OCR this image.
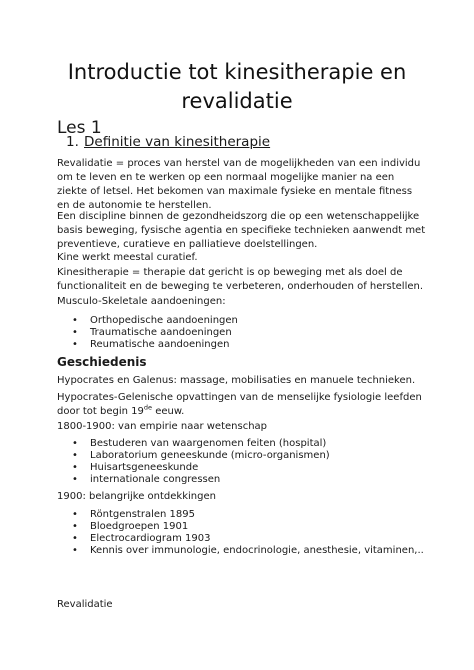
Introductie tot kinesitherapie en revalidatie
Les 1
1. Definitie van kinesitherapie

Revalidatie = proces van herstel van de mogelijkheden van een individu om te leven en te werken op een normaal mogelijke manier na een ziekte of letsel. Het bekomen van maximale fysieke en mentale fitness en de autonomie te herstellen.

Een discipline binnen de gezondheidszorg die op een wetenschappelijke basis beweging, fysische agentia en specifieke technieken aanwendt met preventieve, curatieve en palliatieve doelstellingen.

Kine werkt meestal curatief.

Kinesitherapie = therapie dat gericht is op beweging met als doel de functionaliteit en de beweging te verbeteren, onderhouden of herstellen.

Musculo-Skeletale aandoeningen:

• Orthopedische aandoeningen
• Traumatische aandoeningen
• Reumatische aandoeningen
Geschiedenis

Hypocrates en Galenus: massage, mobilisaties en manuele technieken.

Hypocrates-Gelenische opvattingen van de menselijke fysiologie leefden door tot begin 19de eeuw.

1800-1900: van empirie naar wetenschap

• Bestuderen van waargenomen feiten (hospital)
• Laboratorium geneeskunde (micro-organismen)
• Huisartsgeneeskunde
• internationale congressen

1900: belangrijke ontdekkingen

• Röntgenstralen 1895
• Bloedgroepen 1901
• Electrocardiogram 1903
• Kennis over immunologie, endocrinologie, anesthesie, vitaminen,..

Revalidatie
